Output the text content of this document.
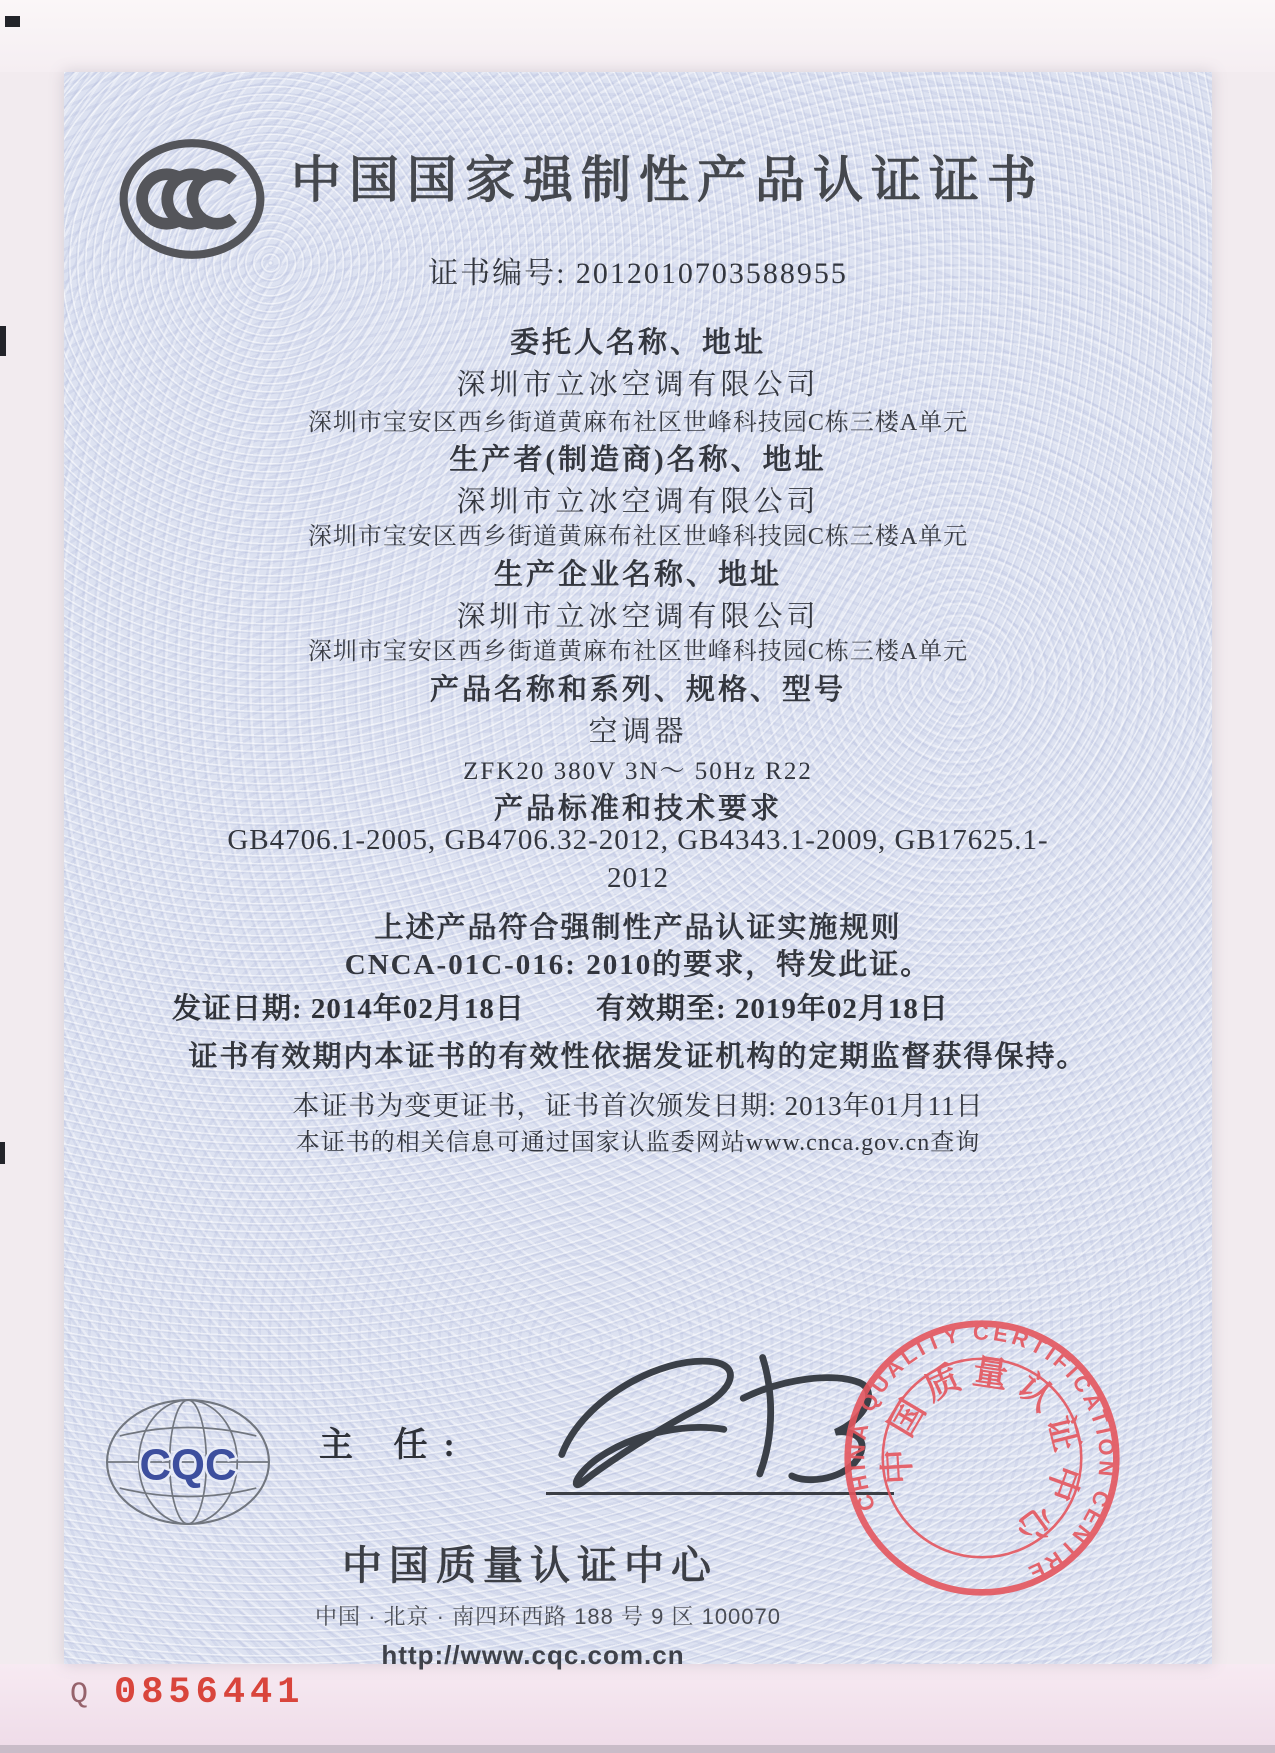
Q 0856441
中国国家强制性产品认证证书
证书编号: 2012010703588955
委托人名称、地址
深圳市立冰空调有限公司
深圳市宝安区西乡街道黄麻布社区世峰科技园C栋三楼A单元
生产者(制造商)名称、地址
深圳市立冰空调有限公司
深圳市宝安区西乡街道黄麻布社区世峰科技园C栋三楼A单元
生产企业名称、地址
深圳市立冰空调有限公司
深圳市宝安区西乡街道黄麻布社区世峰科技园C栋三楼A单元
产品名称和系列、规格、型号
空调器
ZFK20 380V 3N～ 50Hz R22
产品标准和技术要求
GB4706.1-2005, GB4706.32-2012, GB4343.1-2009, GB17625.1-
2012
上述产品符合强制性产品认证实施规则
CNCA-01C-016: 2010的要求，特发此证。
发证日期: 2014年02月18日 有效期至: 2019年02月18日
证书有效期内本证书的有效性依据发证机构的定期监督获得保持。
本证书为变更证书，证书首次颁发日期: 2013年01月11日
本证书的相关信息可通过国家认监委网站www.cnca.gov.cn查询
CQC 主 任:
CHINA QUALITY CERTIFICATION CENTRE
中国质量认证中心
中国质量认证中心
中国 · 北京 · 南四环西路 188 号 9 区 100070
http://www.cqc.com.cn
